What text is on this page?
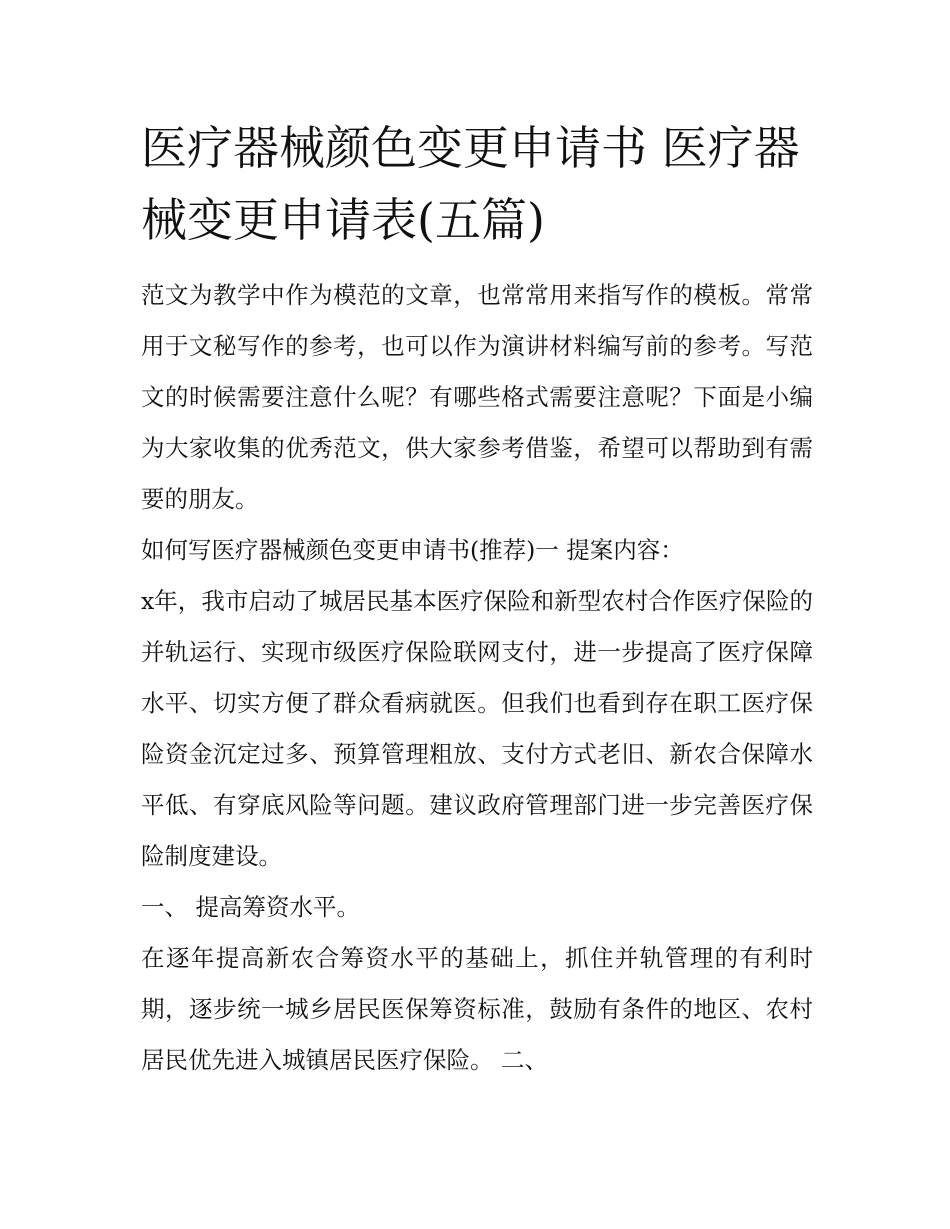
医疗器械颜色变更申请书 医疗器械变更申请表(五篇)

范文为教学中作为模范的文章，也常常用来指写作的模板。常常用于文秘写作的参考，也可以作为演讲材料编写前的参考。写范文的时候需要注意什么呢？有哪些格式需要注意呢？下面是小编为大家收集的优秀范文，供大家参考借鉴，希望可以帮助到有需要的朋友。

如何写医疗器械颜色变更申请书(推荐)一 提案内容：

x年，我市启动了城居民基本医疗保险和新型农村合作医疗保险的并轨运行、实现市级医疗保险联网支付，进一步提高了医疗保障水平、切实方便了群众看病就医。但我们也看到存在职工医疗保险资金沉定过多、预算管理粗放、支付方式老旧、新农合保障水平低、有穿底风险等问题。建议政府管理部门进一步完善医疗保险制度建设。

一、 提高筹资水平。

在逐年提高新农合筹资水平的基础上，抓住并轨管理的有利时期，逐步统一城乡居民医保筹资标准，鼓励有条件的地区、农村居民优先进入城镇居民医疗保险。 二、
